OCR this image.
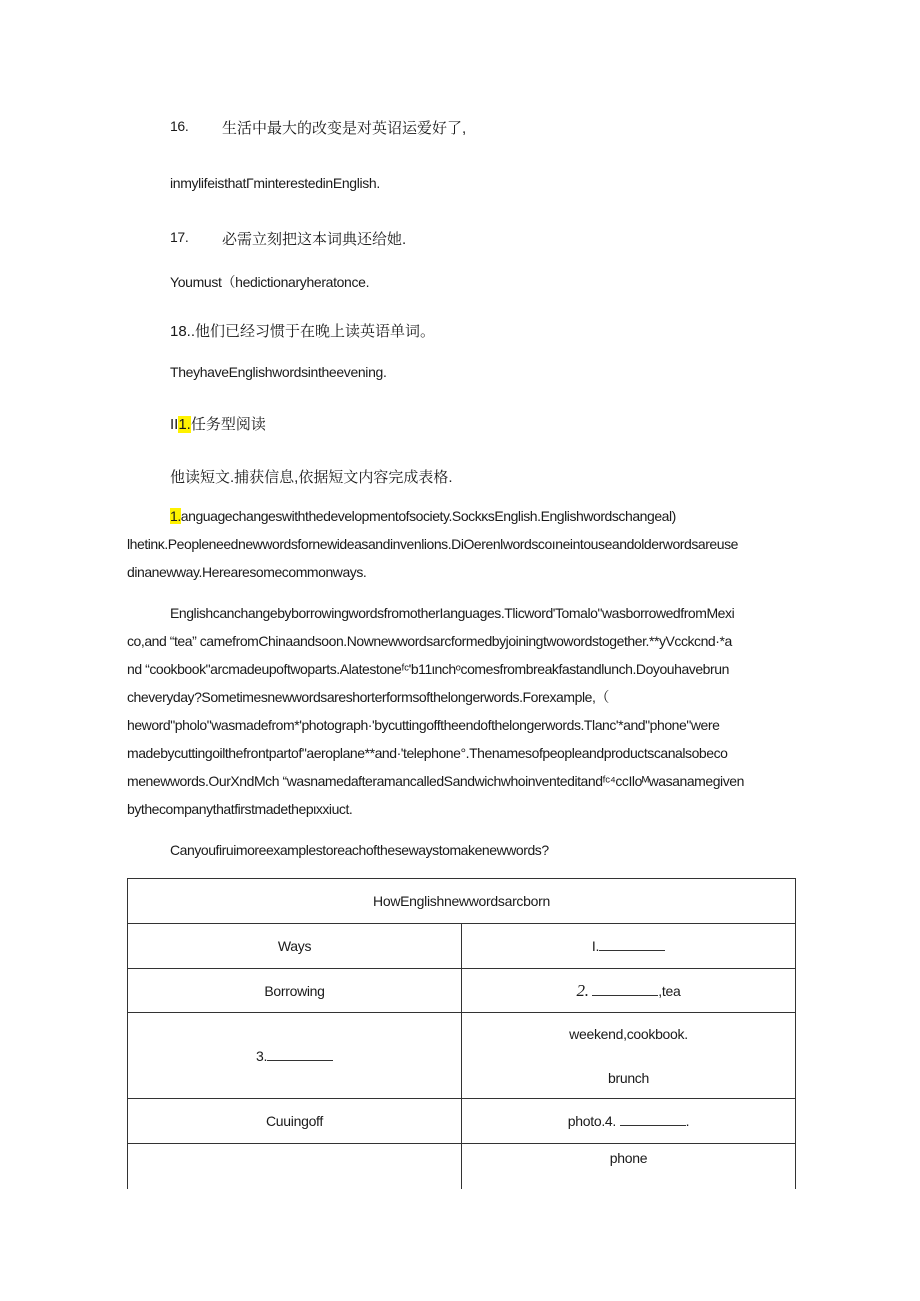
16. 生活中最大的改变是对英诏运爱好了,
inmylifeisthatΓminterestedinEnglish.
17. 必需立刻把这本词典还给她.
Youmust（hedictionaryheratonce.
18..他们已经习惯于在晚上读英语单词。
TheyhaveEnglishwordsintheevening.
II1.任务型阅读
他读短文.捕获信息,依据短文内容完成表格.
1.anguagechangeswiththedevelopmentofsociety.SockκsEnglish.Englishwordschangeal)
lhetinκ.Peopleneednewwordsfornewideasandinvenlions.DiOerenlwordscoıneintouseandolderwordsareuse
dinanewway.Herearesomecommonways.
EnglishcanchangebyborrowingwordsfromotherIanguages.Tlicword'Tomalo"wasborrowedfromMexi
co,and “tea” camefromChinaandsoon.Nownewwordsarcformedbyjoiningtwowordstogether.**yVcckcnd·*a
nd “cookbook"arcmadeupoftwoparts.Alatestoneᶠᶜ'b11ιnchᵒcomesfrombreakfastandlunch.Doyouhavebrun
cheveryday?Sometimesnewwordsareshorterformsofthelongerwords.Forexample,（
heword"pholo"wasmadefrom*'photograph·'bycuttingofftheendofthelongerwords.Tlanc'*and"phone"were
madebycuttingoilthefrontpartof"aeroplane**and·'telephone°.Thenamesofpeopleandproductscanalsobeco
menewwords.OurXndMch “wasnamedafteramancalledSandwichwhoinventeditandᶠᶜ⁴ccIloᴹwasanamegiven
bythecompanythatfirstmadethepιxxiuct.
Canyoufiruimoreexamplestoreachofthesewaystomakenewwords?
HowEnglishnewwordsarcborn	
Ways	I.
Borrowing	2. ,tea
3.	weekend,cookbook.
brunch

Cuuingoff	photo.4. .
	phone
